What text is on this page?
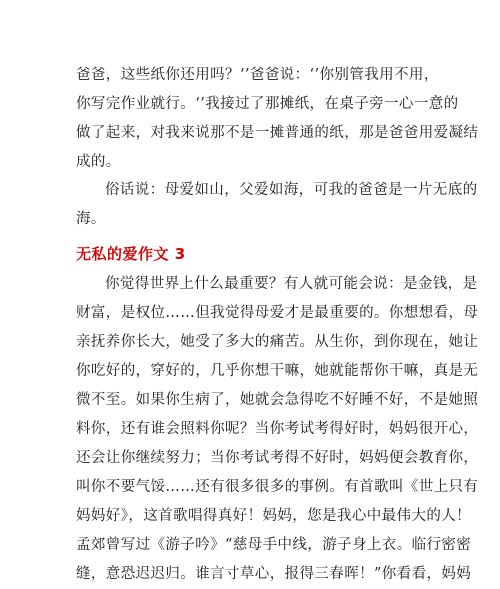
爸爸，这些纸你还用吗？‘’爸爸说：‘’你别管我用不用，
你写完作业就行。‘’我接过了那摊纸，在桌子旁一心一意的
做了起来，对我来说那不是一摊普通的纸，那是爸爸用爱凝结
成的。
俗话说：母爱如山，父爱如海，可我的爸爸是一片无底的
海。
无私的爱作文 3
你觉得世界上什么最重要？有人就可能会说：是金钱，是
财富，是权位……但我觉得母爱才是最重要的。你想想看，母
亲抚养你长大，她受了多大的痛苦。从生你，到你现在，她让
你吃好的，穿好的，几乎你想干嘛，她就能帮你干嘛，真是无
微不至。如果你生病了，她就会急得吃不好睡不好，不是她照
料你，还有谁会照料你呢？当你考试考得好时，妈妈很开心，
还会让你继续努力；当你考试考得不好时，妈妈便会教育你，
叫你不要气馁……还有很多很多的事例。有首歌叫《世上只有
妈妈好》，这首歌唱得真好！妈妈，您是我心中最伟大的人！
孟郊曾写过《游子吟》“慈母手中线，游子身上衣。临行密密
缝，意恐迟迟归。谁言寸草心，报得三春晖！”你看看，妈妈
